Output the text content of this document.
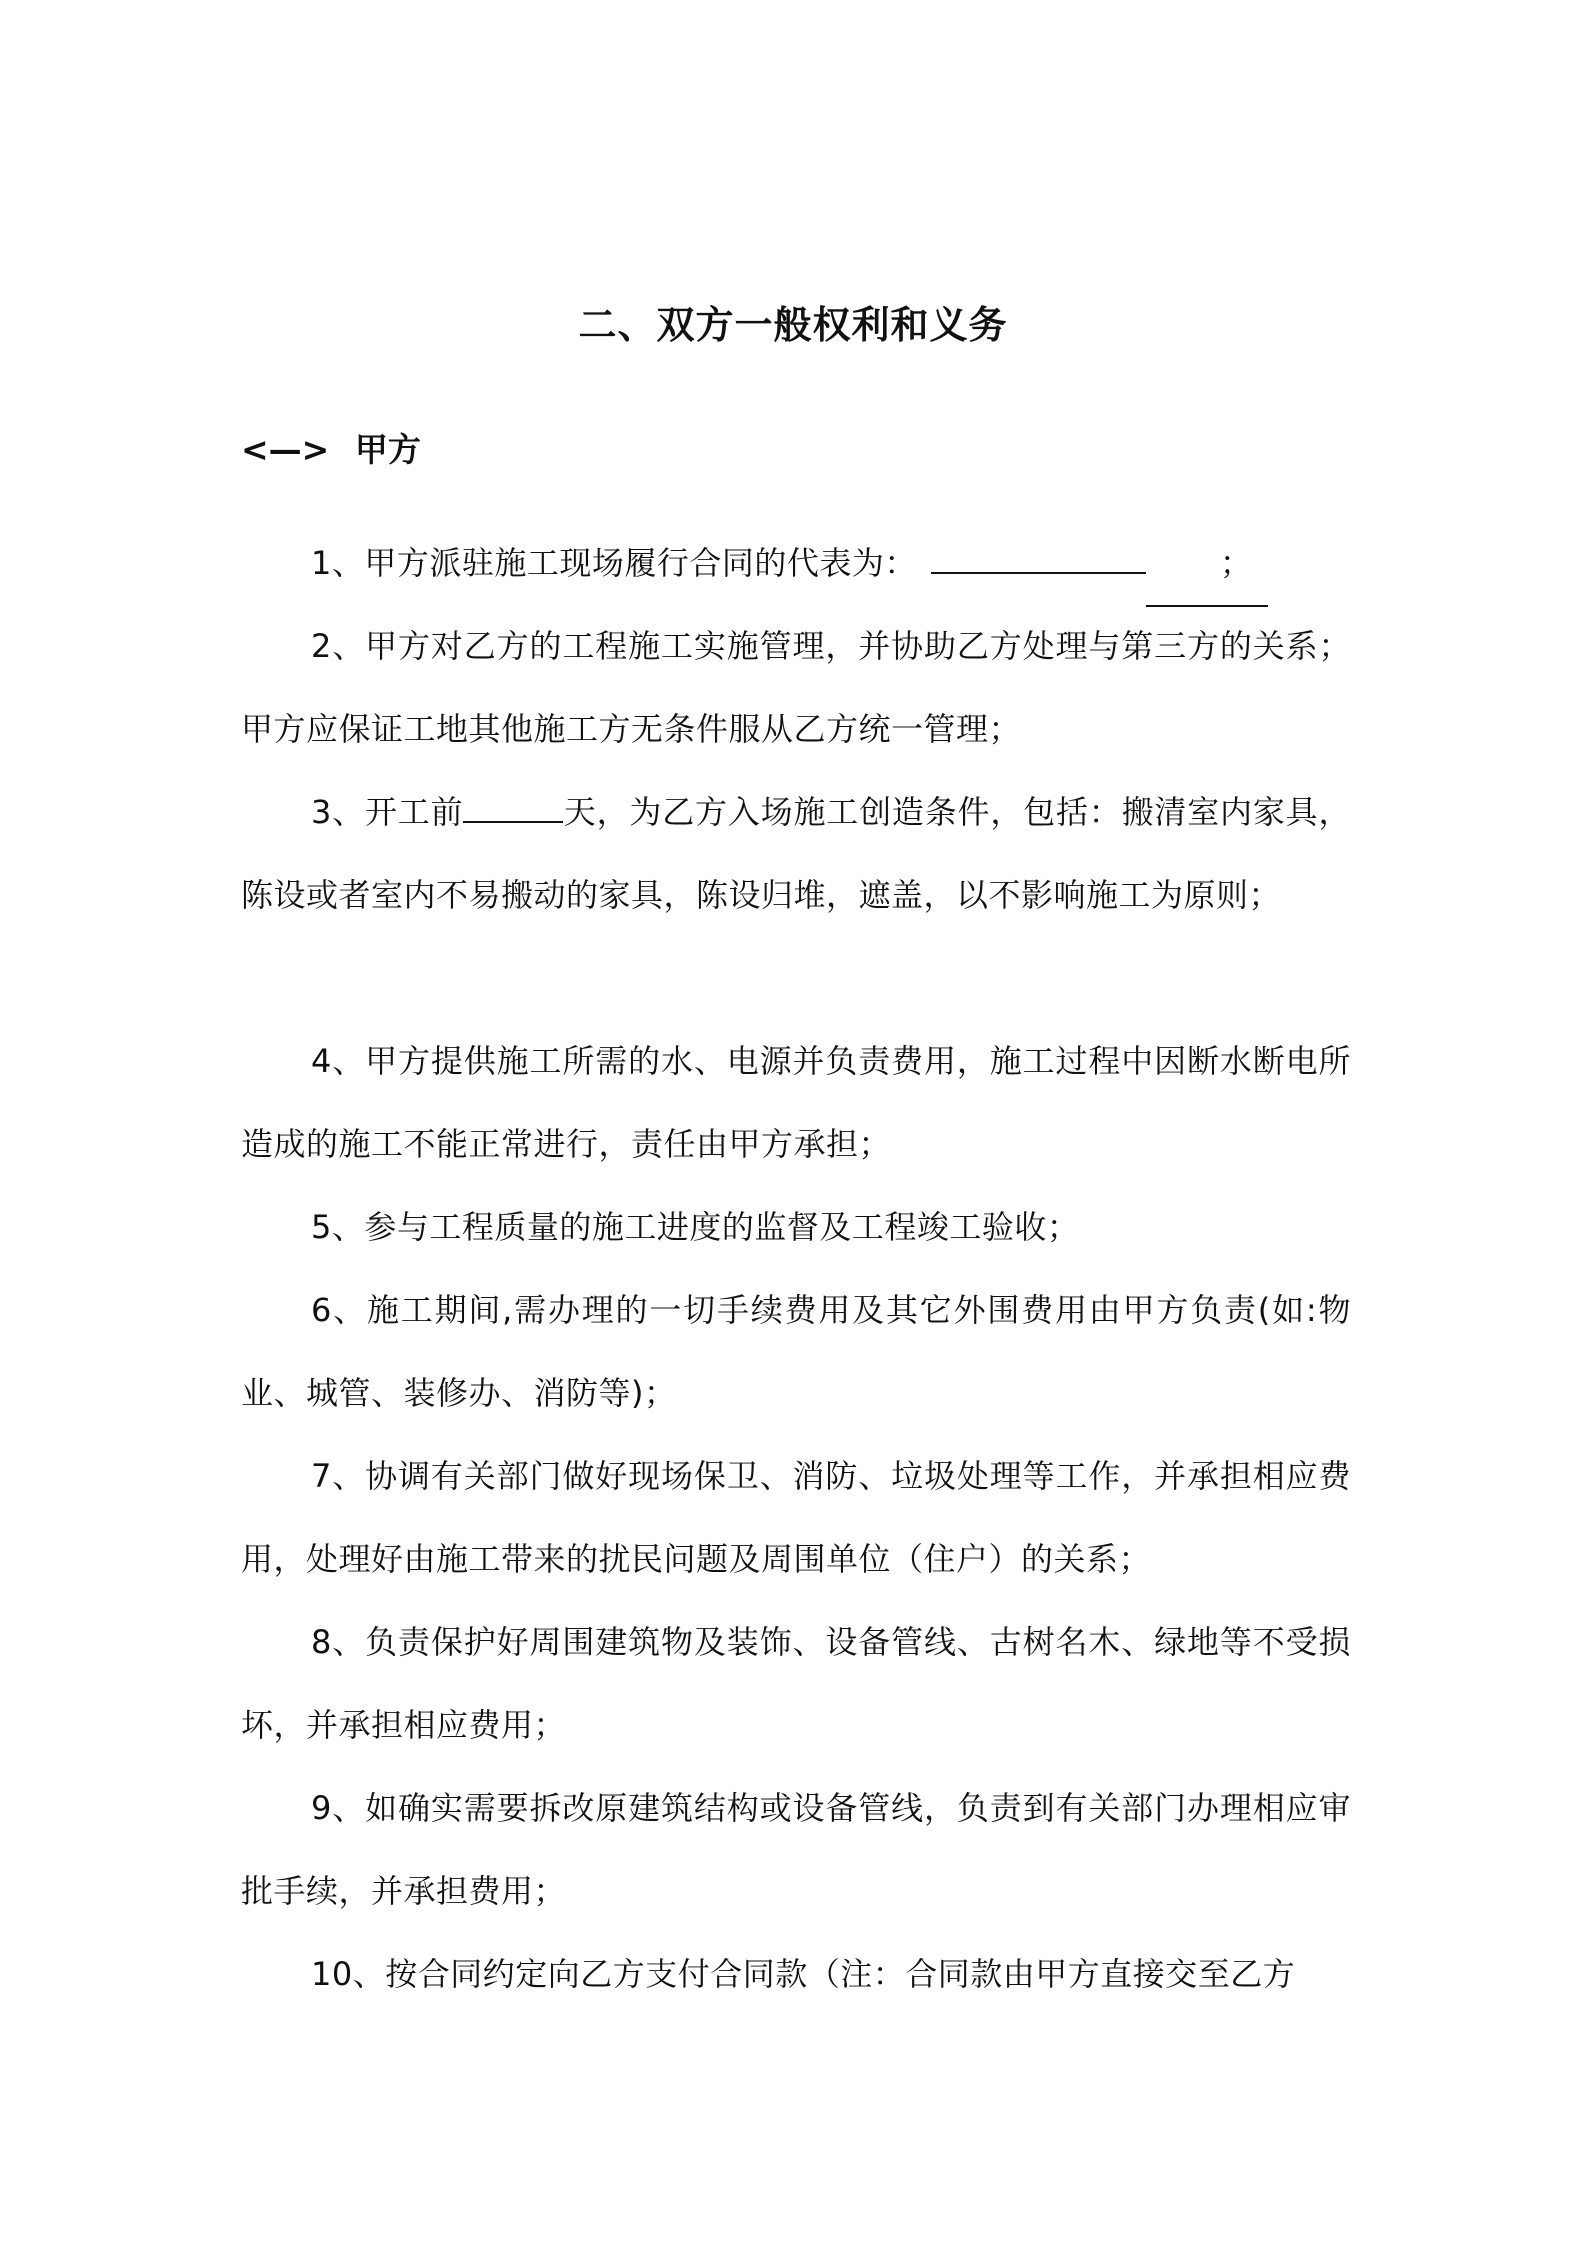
二、双方一般权利和义务
<—> 甲方
1、甲方派驻施工现场履行合同的代表为：	；
2、甲方对乙方的工程施工实施管理，并协助乙方处理与第三方的关系；甲方应保证工地其他施工方无条件服从乙方统一管理；
3、开工前	天，为乙方入场施工创造条件，包括：搬清室内家具，陈设或者室内不易搬动的家具，陈设归堆，遮盖，以不影响施工为原则；
4、甲方提供施工所需的水、电源并负责费用，施工过程中因断水断电所造成的施工不能正常进行，责任由甲方承担；
5、参与工程质量的施工进度的监督及工程竣工验收；
6、施工期间,需办理的一切手续费用及其它外围费用由甲方负责(如:物业、城管、装修办、消防等)；
7、协调有关部门做好现场保卫、消防、垃圾处理等工作，并承担相应费用，处理好由施工带来的扰民问题及周围单位（住户）的关系；
8、负责保护好周围建筑物及装饰、设备管线、古树名木、绿地等不受损坏，并承担相应费用；
9、如确实需要拆改原建筑结构或设备管线，负责到有关部门办理相应审批手续，并承担费用；
10、按合同约定向乙方支付合同款（注：合同款由甲方直接交至乙方
